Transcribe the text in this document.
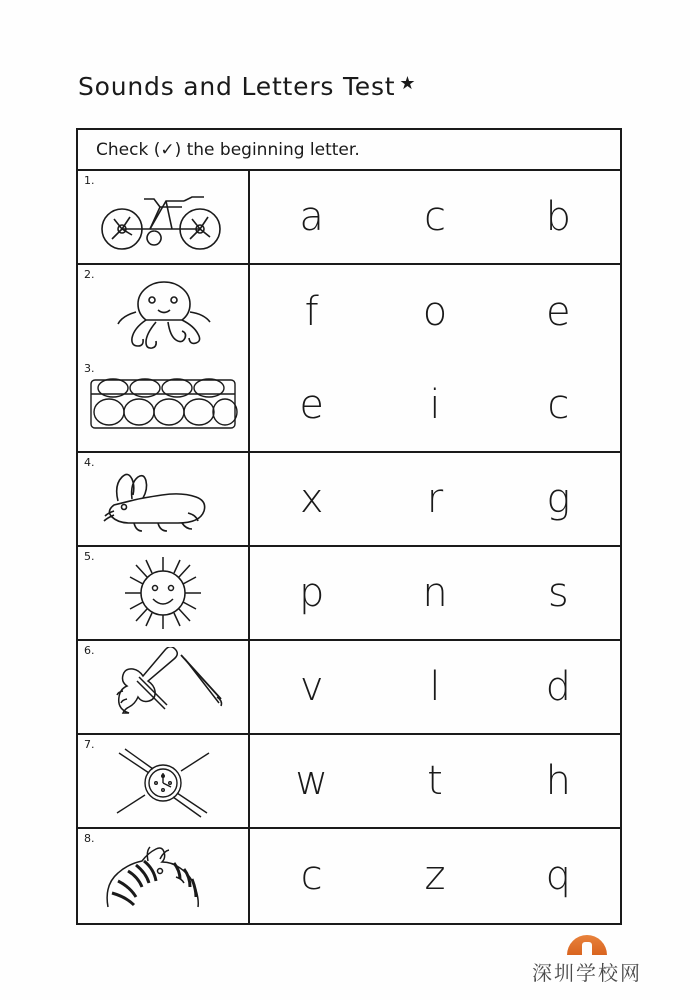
Sounds and Letters Test ★
Check (✓) the beginning letter.
1.
a	c	b
2.
f	o	e
3.
e	i	c
4.
x	r	g
5.
p	n	s
6.
v	l	d
7.
w	t	h
8.
c	z	q
深圳学校网
